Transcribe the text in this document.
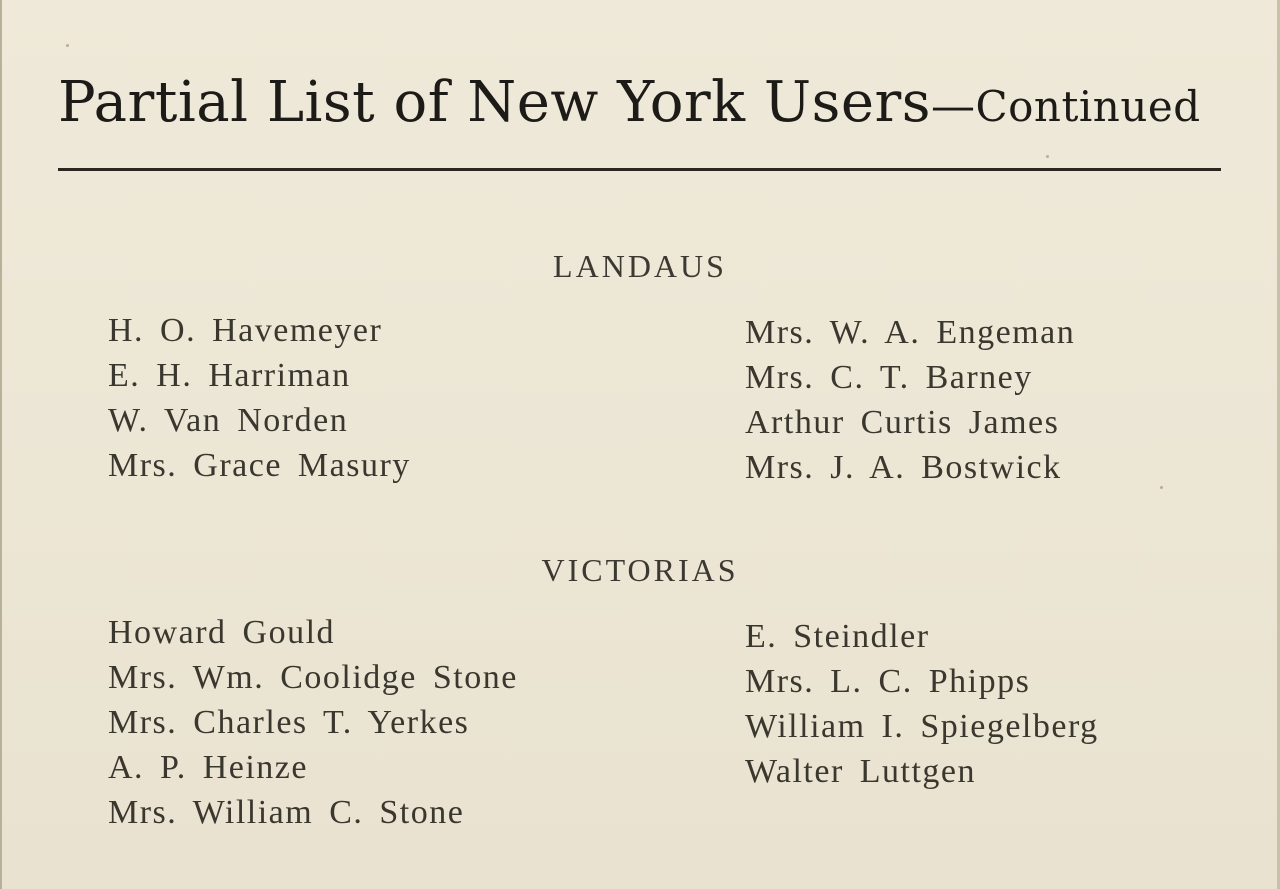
Partial List of New York Users—Continued
LANDAUS
H. O. Havemeyer
E. H. Harriman
W. Van Norden
Mrs. Grace Masury
Mrs. W. A. Engeman
Mrs. C. T. Barney
Arthur Curtis James
Mrs. J. A. Bostwick
VICTORIAS
Howard Gould
Mrs. Wm. Coolidge Stone
Mrs. Charles T. Yerkes
A. P. Heinze
Mrs. William C. Stone
E. Steindler
Mrs. L. C. Phipps
William I. Spiegelberg
Walter Luttgen
